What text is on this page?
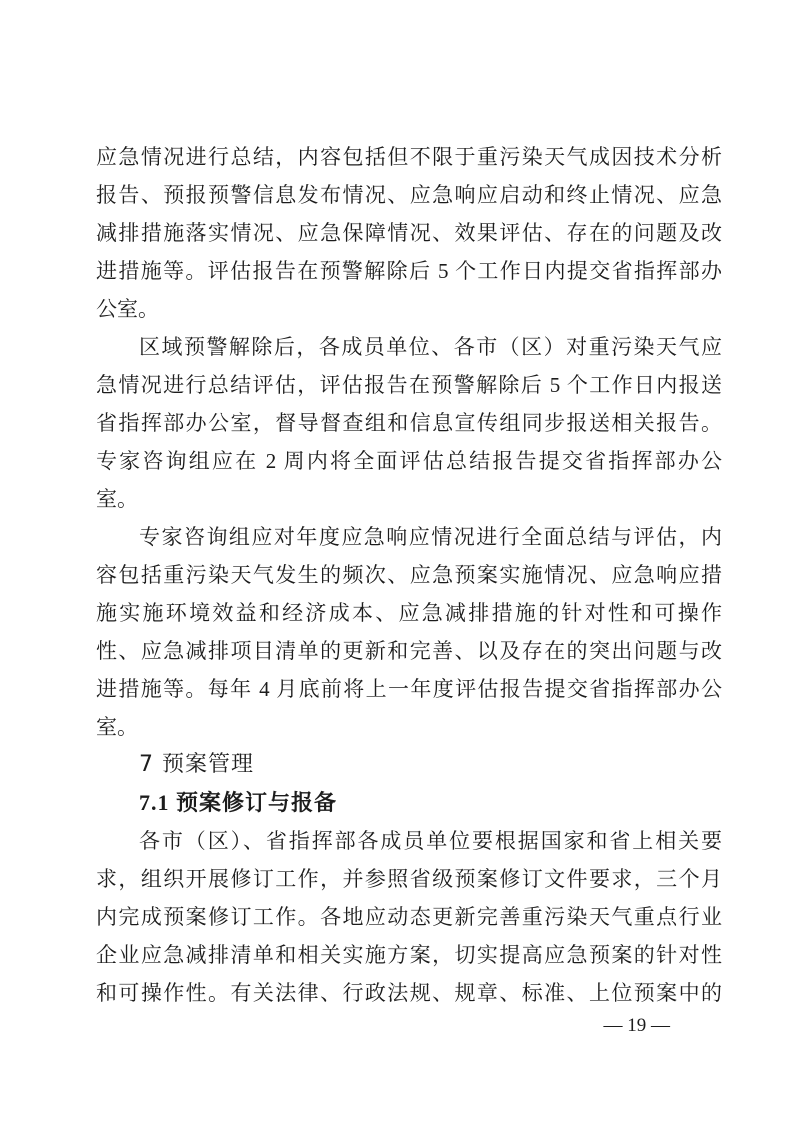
应急情况进行总结，内容包括但不限于重污染天气成因技术分析
报告、预报预警信息发布情况、应急响应启动和终止情况、应急
减排措施落实情况、应急保障情况、效果评估、存在的问题及改
进措施等。评估报告在预警解除后 5 个工作日内提交省指挥部办
公室。
区域预警解除后，各成员单位、各市（区）对重污染天气应
急情况进行总结评估，评估报告在预警解除后 5 个工作日内报送
省指挥部办公室，督导督查组和信息宣传组同步报送相关报告。
专家咨询组应在 2 周内将全面评估总结报告提交省指挥部办公
室。
专家咨询组应对年度应急响应情况进行全面总结与评估，内
容包括重污染天气发生的频次、应急预案实施情况、应急响应措
施实施环境效益和经济成本、应急减排措施的针对性和可操作
性、应急减排项目清单的更新和完善、以及存在的突出问题与改
进措施等。每年 4 月底前将上一年度评估报告提交省指挥部办公
室。
7 预案管理
7.1 预案修订与报备
各市（区）、省指挥部各成员单位要根据国家和省上相关要
求，组织开展修订工作，并参照省级预案修订文件要求，三个月
内完成预案修订工作。各地应动态更新完善重污染天气重点行业
企业应急减排清单和相关实施方案，切实提高应急预案的针对性
和可操作性。有关法律、行政法规、规章、标准、上位预案中的
— 19 —
